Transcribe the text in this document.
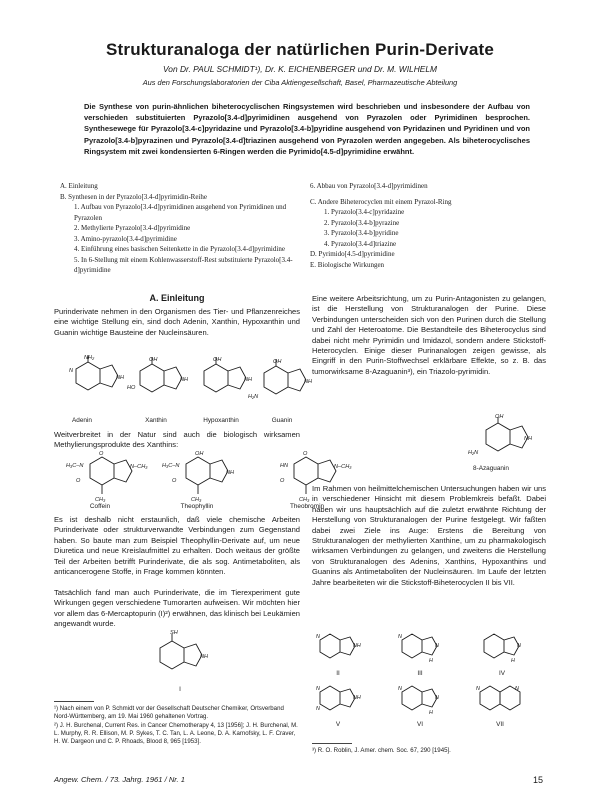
Strukturanaloga der natürlichen Purin-Derivate
Von Dr. PAUL SCHMIDT¹), Dr. K. EICHENBERGER und Dr. M. WILHELM
Aus den Forschungslaboratorien der Ciba Aktiengesellschaft, Basel, Pharmazeutische Abteilung
Die Synthese von purin-ähnlichen biheterocyclischen Ringsystemen wird beschrieben und insbesondere der Aufbau von verschieden substituierten Pyrazolo[3.4-d]pyrimidinen ausgehend von Pyrazolen oder Pyrimidinen besprochen. Synthesewege für Pyrazolo[3.4-c]pyridazine und Pyrazolo[3.4-b]pyridine ausgehend von Pyridazinen und Pyridinen und von Pyrazolo[3.4-b]pyrazinen und Pyrazolo[3.4-d]triazinen ausgehend von Pyrazolen werden angegeben. Als biheterocyclisches Ringsystem mit zwei kondensierten 6-Ringen werden die Pyrimido[4.5-d]pyrimidine erwähnt.
A. Einleitung
B. Synthesen in der Pyrazolo[3.4-d]pyrimidin-Reihe
1. Aufbau von Pyrazolo[3.4-d]pyrimidinen ausgehend von Pyrimidinen und Pyrazolen
2. Methylierte Pyrazolo[3.4-d]pyrimidine
3. Amino-pyrazolo[3.4-d]pyrimidine
4. Einführung eines basischen Seitenkette in die Pyrazolo[3.4-d]pyrimidine
5. In 6-Stellung mit einem Kohlenwasserstoff-Rest substituierte Pyrazolo[3.4-d]pyrimidine
6. Abbau von Pyrazolo[3.4-d]pyrimidinen
C. Andere Biheterocyclen mit einem Pyrazol-Ring
1. Pyrazolo[3.4-c]pyridazine
2. Pyrazolo[3.4-b]pyrazine
3. Pyrazolo[3.4-b]pyridine
4. Pyrazolo[3.4-d]triazine
D. Pyrimido[4.5-d]pyrimidine
E. Biologische Wirkungen
A. Einleitung
Purinderivate nehmen in den Organismen des Tier- und Pflanzenreiches eine wichtige Stellung ein, sind doch Adenin, Xanthin, Hypoxanthin und Guanin wichtige Bausteine der Nucleinsäuren.
NH₂
N
NH
OH
HO
NH
OH
NH
OH
H₂N
NH
Adenin	Xanthin	Hypoxanthin	Guanin
Weitverbreitet in der Natur sind auch die biologisch wirksamen Methylierungsprodukte des Xanthins:
O
H₃C–N
O
N–CH₃
CH₃
OH
H₃C–N
O
NH
CH₃
O
HN
O
N–CH₃
CH₃
Coffein	Theophyllin	Theobromin
Es ist deshalb nicht erstaunlich, daß viele chemische Arbeiten Purinderivate oder strukturverwandte Verbindungen zum Gegenstand haben. So baute man zum Beispiel Theophyllin-Derivate auf, um neue Diuretica und neue Kreislaufmittel zu erhalten. Doch weitaus der größte Teil der Arbeiten betrifft Purinderivate, die als sog. Antimetaboliten, als anticancerogene Stoffe, in Frage kommen könnten.
Tatsächlich fand man auch Purinderivate, die im Tierexperiment gute Wirkungen gegen verschiedene Tumorarten aufweisen. Wir möchten hier vor allem das 6-Mercaptopurin (I)²) erwähnen, das klinisch bei Leukämien angewandt wurde.
SH
NH
I
¹) Nach einem von P. Schmidt vor der Gesellschaft Deutscher Chemiker, Ortsverband Nord-Württemberg, am 19. Mai 1960 gehaltenen Vortrag.
²) J. H. Burchenal, Current Res. in Cancer Chemotherapy 4, 13 [1956]; J. H. Burchenal, M. L. Murphy, R. R. Ellison, M. P. Sykes, T. C. Tan, L. A. Leone, D. A. Karnofsky, L. F. Craver, H. W. Dargeon und C. P. Rhoads, Blood 8, 965 [1953].
Eine weitere Arbeitsrichtung, um zu Purin-Antagonisten zu gelangen, ist die Herstellung von Strukturanalogen der Purine. Diese Verbindungen unterscheiden sich von den Purinen durch die Stellung und Zahl der Heteroatome. Die Bestandteile des Biheterocyclus sind dabei nicht mehr Pyrimidin und Imidazol, sondern andere Stickstoff-Heterocyclen. Einige dieser Purinanalogen zeigen gewisse, als Eingriff in den Purin-Stoffwechsel erklärbare Effekte, so z. B. das tumorwirksame 8-Azaguanin³), ein Triazolo-pyrimidin.
OH
H₂N
NH
8-Azaguanin
Im Rahmen von heilmittelchemischen Untersuchungen haben wir uns in verschiedener Hinsicht mit diesem Problemkreis befaßt. Dabei haben wir uns hauptsächlich auf die zuletzt erwähnte Richtung der Herstellung von Strukturanalogen der Purine festgelegt. Wir faßten dabei zwei Ziele ins Auge: Erstens die Bereitung von Strukturanalogen der methylierten Xanthine, um zu pharmakologisch wirksamen Verbindungen zu gelangen, und zweitens die Herstellung von Strukturanalogen des Adenins, Xanthins, Hypoxanthins und Guanins als Antimetaboliten der Nucleinsäuren. Im Laufe der letzten Jahre bearbeiteten wir die Stickstoff-Biheterocyclen II bis VII.
NH
N
N
H
N
N
H
N
N
NH
N
N
H
N	N
II	III	IV
V	VI	VII
³) R. O. Roblin, J. Amer. chem. Soc. 67, 290 [1945].
Angew. Chem. / 73. Jahrg. 1961 / Nr. 1	15
